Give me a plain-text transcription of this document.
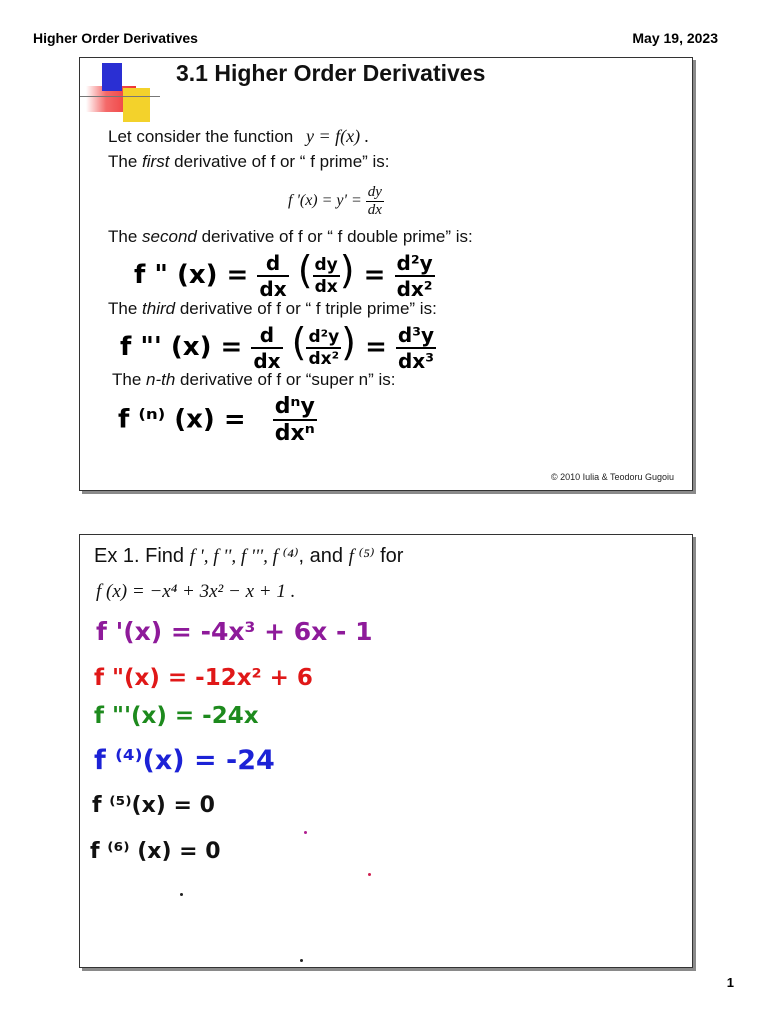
Higher Order Derivatives	May 19, 2023
3.1 Higher Order Derivatives
Let consider the function y = f(x) .
The first derivative of f or “ f prime” is:
f '$(x) = y' = \frac{dy}{dx}$
The second derivative of f or “ f double prime” is:
f " $(x) = \frac{d}{dx}$ ( $\frac{dy}{dx}$ ) = $\frac{\text{d²y}}{\text{dx²}}$
The third derivative of f or “ f triple prime” is:
f "' $(x) = \frac{d}{dx}$ ( $\frac{\text{d²y}}{\text{dx²}}$ ) = $\frac{\text{d³y}}{\text{dx³}}$
The n-th derivative of f or “super n” is:
f ⁽ⁿ⁾ $(x) = \frac{\text{dⁿy}}{\text{dxⁿ}}$
© 2010 Iulia & Teodoru Gugoiu
Ex 1. Find f ', f '', f ''', f ⁽⁴⁾, and f ⁽⁵⁾ for
f (x) = −x⁴ + 3x² − x + 1 .
f '(x) = -4x³ + 6x - 1
f "(x) = -12x² + 6
f "'(x) = -24x
f ⁽⁴⁾(x) = -24
f ⁽⁵⁾(x) = 0
f ⁽⁶⁾ (x) = 0
1
